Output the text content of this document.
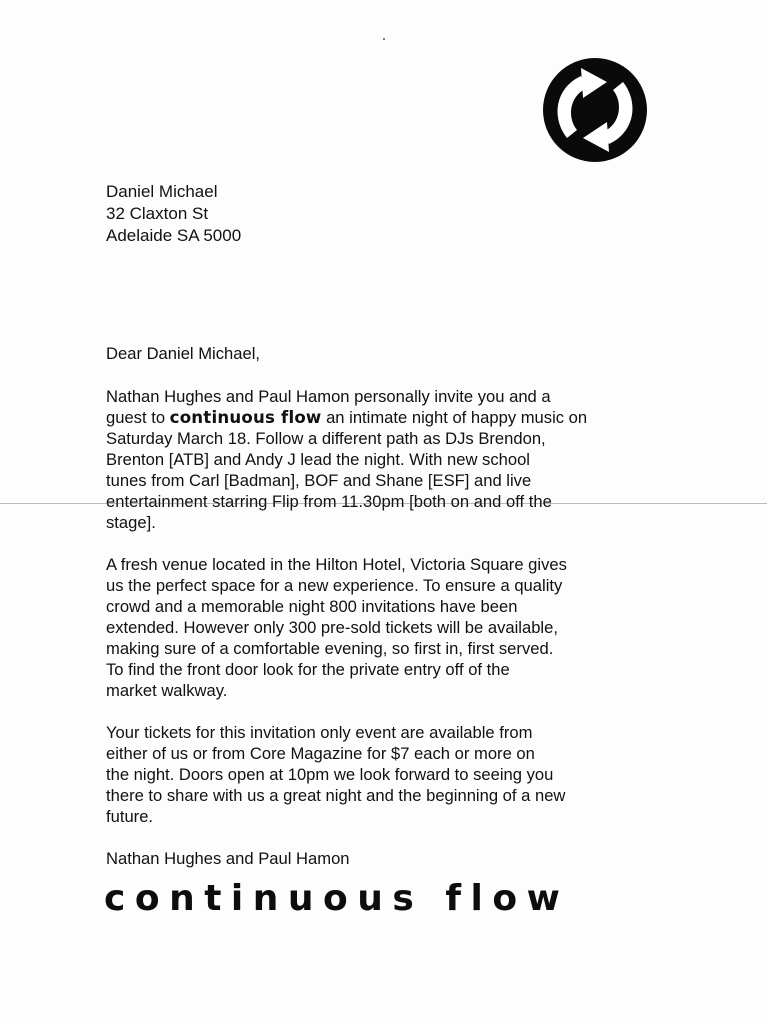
Daniel Michael
32 Claxton St
Adelaide SA 5000
Dear Daniel Michael,
Nathan Hughes and Paul Hamon personally invite you and a
guest to continuous flow an intimate night of happy music on
Saturday March 18. Follow a different path as DJs Brendon,
Brenton [ATB] and Andy J lead the night. With new school
tunes from Carl [Badman], BOF and Shane [ESF] and live
entertainment starring Flip from 11.30pm [both on and off the
stage].
A fresh venue located in the Hilton Hotel, Victoria Square gives
us the perfect space for a new experience. To ensure a quality
crowd and a memorable night 800 invitations have been
extended. However only 300 pre-sold tickets will be available,
making sure of a comfortable evening, so first in, first served.
To find the front door look for the private entry off of the
market walkway.
Your tickets for this invitation only event are available from
either of us or from Core Magazine for $7 each or more on
the night. Doors open at 10pm we look forward to seeing you
there to share with us a great night and the beginning of a new
future.
Nathan Hughes and Paul Hamon
continuous flow
